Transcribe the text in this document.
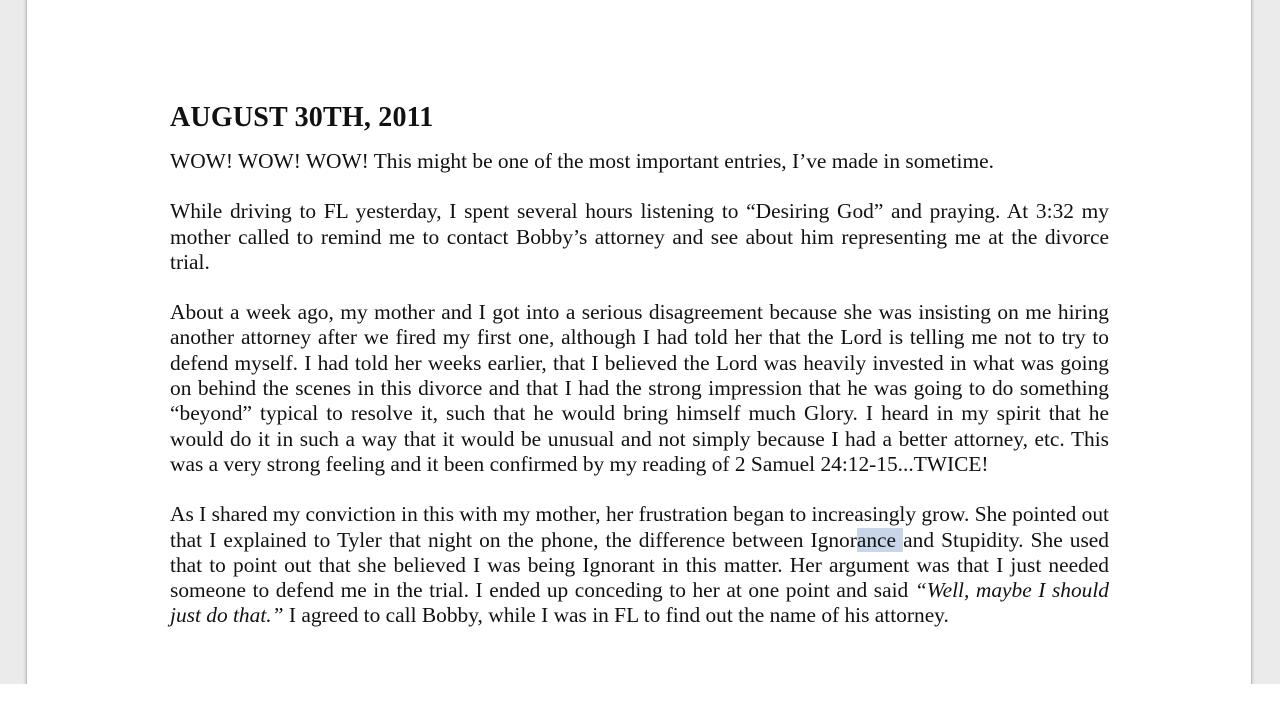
AUGUST 30TH, 2011

WOW! WOW! WOW! This might be one of the most important entries, I’ve made in sometime.

While driving to FL yesterday, I spent several hours listening to “Desiring God” and praying. At 3:32 my mother called to remind me to contact Bobby’s attorney and see about him representing me at the divorce trial.

About a week ago, my mother and I got into a serious disagreement because she was insisting on me hiring another attorney after we fired my first one, although I had told her that the Lord is telling me not to try to defend myself. I had told her weeks earlier, that I believed the Lord was heavily invested in what was going on behind the scenes in this divorce and that I had the strong impression that he was going to do something “beyond” typical to resolve it, such that he would bring himself much Glory. I heard in my spirit that he would do it in such a way that it would be unusual and not simply because I had a better attorney, etc. This was a very strong feeling and it been confirmed by my reading of 2 Samuel 24:12-15...TWICE!

As I shared my conviction in this with my mother, her frustration began to increasingly grow. She pointed out that I explained to Tyler that night on the phone, the difference between Ignorance and Stupidity. She used that to point out that she believed I was being Ignorant in this matter. Her argument was that I just needed someone to defend me in the trial. I ended up conceding to her at one point and said “Well, maybe I should just do that.” I agreed to call Bobby, while I was in FL to find out the name of his attorney.
